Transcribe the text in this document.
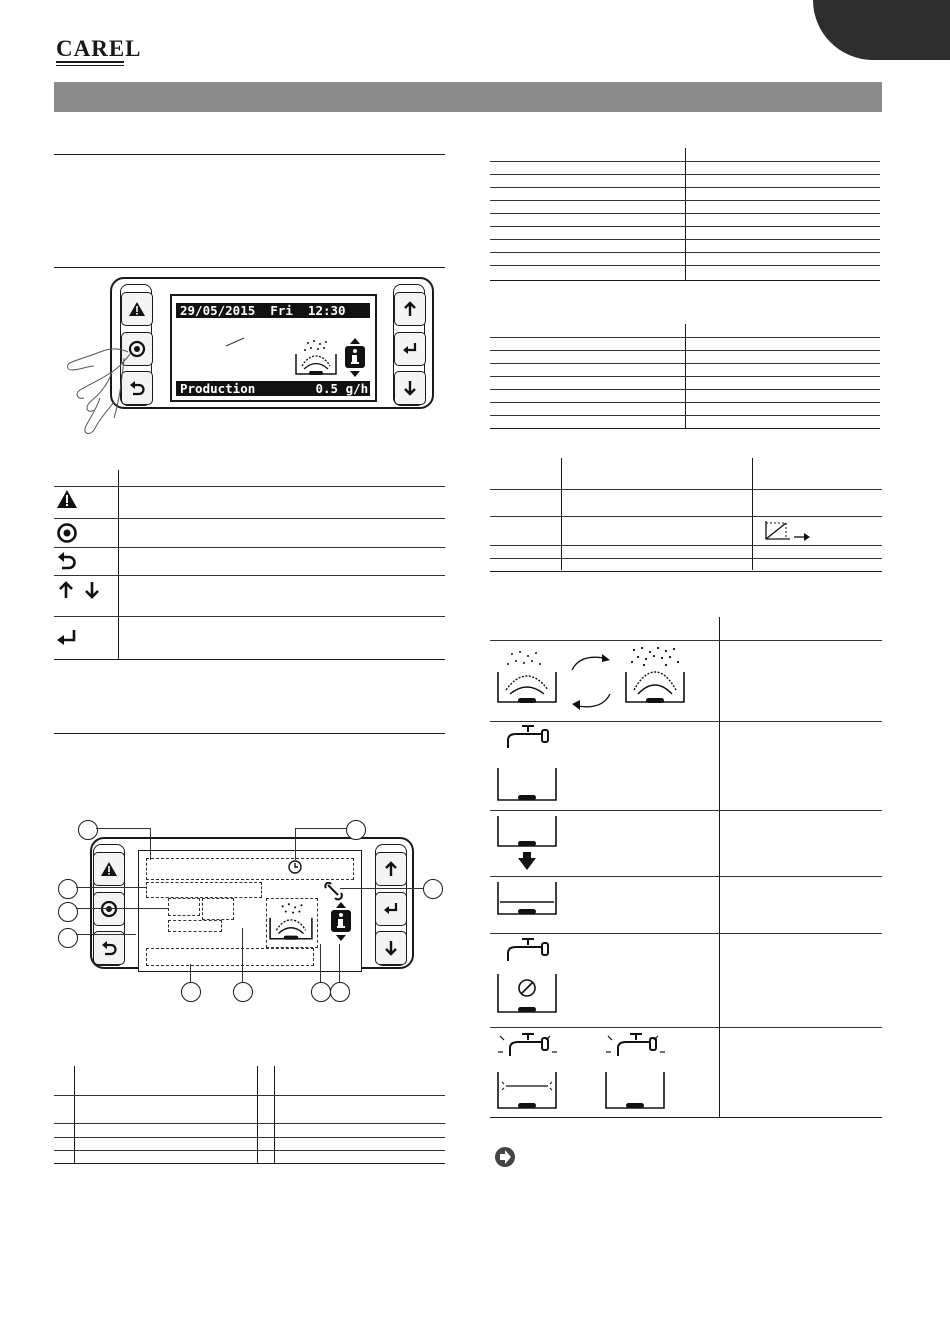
CAREL
29/05/2015  Fri  12:30
Production        0.5 g/h
